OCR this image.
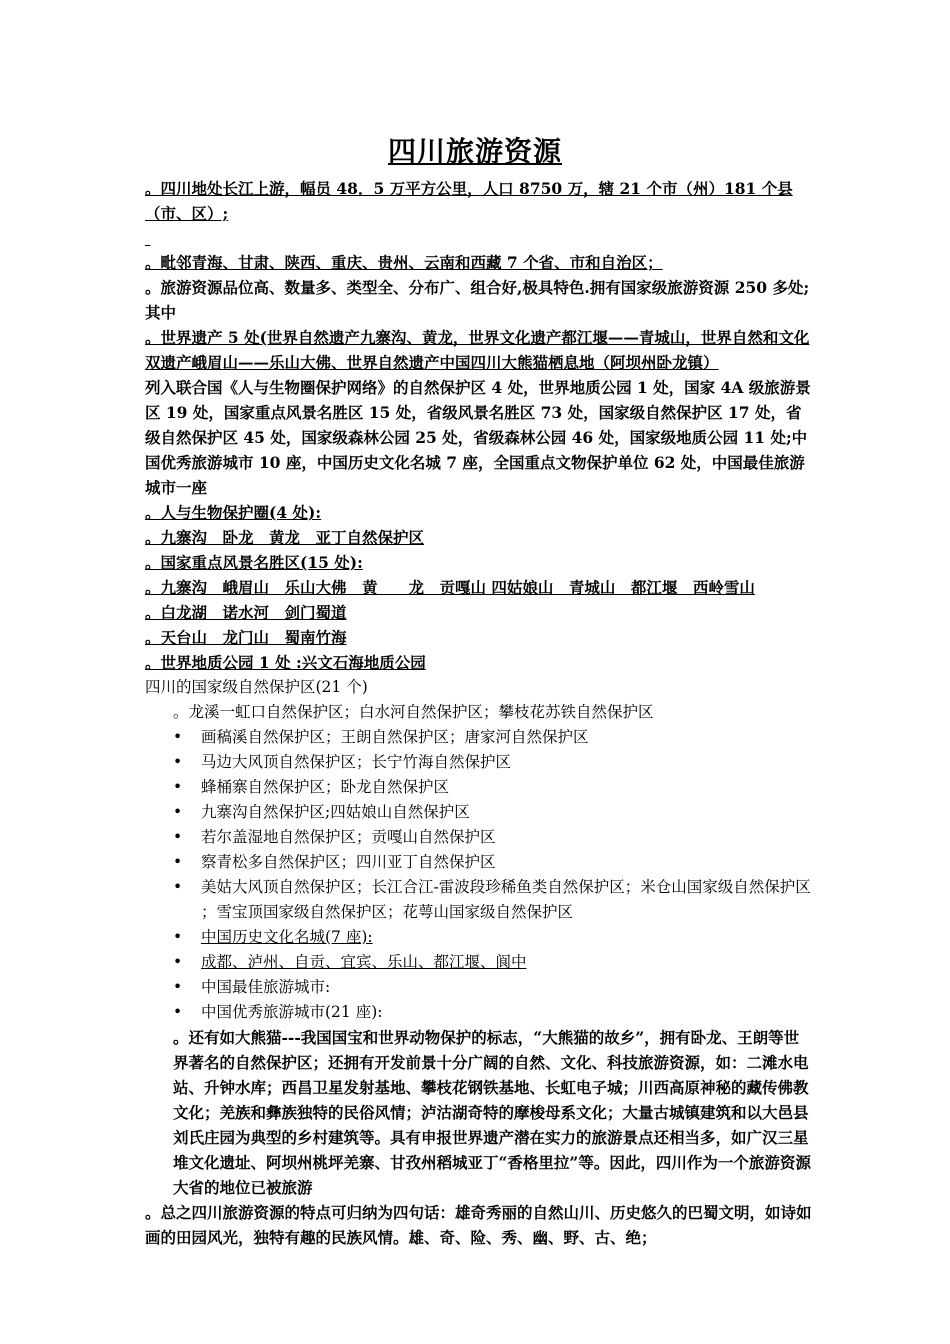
四川旅游资源

。四川地处长江上游，幅员 48．5 万平方公里，人口 8750 万，辖 21 个市（州）181 个县（市、区）;

。毗邻青海、甘肃、陕西、重庆、贵州、云南和西藏 7 个省、市和自治区；

。旅游资源品位高、数量多、类型全、分布广、组合好,极具特色.拥有国家级旅游资源 250 多处;其中

。世界遗产 5 处(世界自然遗产九寨沟、黄龙，世界文化遗产都江堰——青城山，世界自然和文化双遗产峨眉山——乐山大佛、世界自然遗产中国四川大熊猫栖息地（阿坝州卧龙镇）

列入联合国《人与生物圈保护网络》的自然保护区 4 处，世界地质公园 1 处，国家 4A 级旅游景区 19 处，国家重点风景名胜区 15 处，省级风景名胜区 73 处，国家级自然保护区 17 处，省级自然保护区 45 处，国家级森林公园 25 处，省级森林公园 46 处，国家级地质公园 11 处;中国优秀旅游城市 10 座，中国历史文化名城 7 座，全国重点文物保护单位 62 处，中国最佳旅游城市一座

。人与生物保护圈(4 处):

。九寨沟　卧龙　黄龙　亚丁自然保护区

。国家重点风景名胜区(15 处):

。九寨沟　峨眉山　乐山大佛　黄　　龙　贡嘎山 四姑娘山　青城山　都江堰　西岭雪山

。白龙湖　诺水河　剑门蜀道

。天台山　龙门山　蜀南竹海

。世界地质公园 1 处 :兴文石海地质公园

四川的国家级自然保护区(21 个)

。龙溪一虹口自然保护区；白水河自然保护区；攀枝花苏铁自然保护区

• 画稿溪自然保护区；王朗自然保护区；唐家河自然保护区
• 马边大风顶自然保护区；长宁竹海自然保护区
• 蜂桶寨自然保护区；卧龙自然保护区
• 九寨沟自然保护区;四姑娘山自然保护区
• 若尔盖湿地自然保护区；贡嘎山自然保护区
• 察青松多自然保护区；四川亚丁自然保护区
• 美姑大风顶自然保护区；长江合江-雷波段珍稀鱼类自然保护区；米仓山国家级自然保护区 ；雪宝顶国家级自然保护区；花萼山国家级自然保护区
• 中国历史文化名城(7 座):
• 成都、泸州、自贡、宜宾、乐山、都江堰、阆中
• 中国最佳旅游城市:
• 中国优秀旅游城市(21 座):

。还有如大熊猫---我国国宝和世界动物保护的标志，“大熊猫的故乡”，拥有卧龙、王朗等世界著名的自然保护区；还拥有开发前景十分广阔的自然、文化、科技旅游资源，如：二滩水电站、升钟水库；西昌卫星发射基地、攀枝花钢铁基地、长虹电子城；川西高原神秘的藏传佛教文化；羌族和彝族独特的民俗风情；泸沽湖奇特的摩梭母系文化；大量古城镇建筑和以大邑县刘氏庄园为典型的乡村建筑等。具有申报世界遗产潜在实力的旅游景点还相当多，如广汉三星堆文化遗址、阿坝州桃坪羌寨、甘孜州稻城亚丁“香格里拉”等。因此，四川作为一个旅游资源大省的地位已被旅游

。总之四川旅游资源的特点可归纳为四句话：雄奇秀丽的自然山川、历史悠久的巴蜀文明，如诗如画的田园风光，独特有趣的民族风情。雄、奇、险、秀、幽、野、古、绝；
